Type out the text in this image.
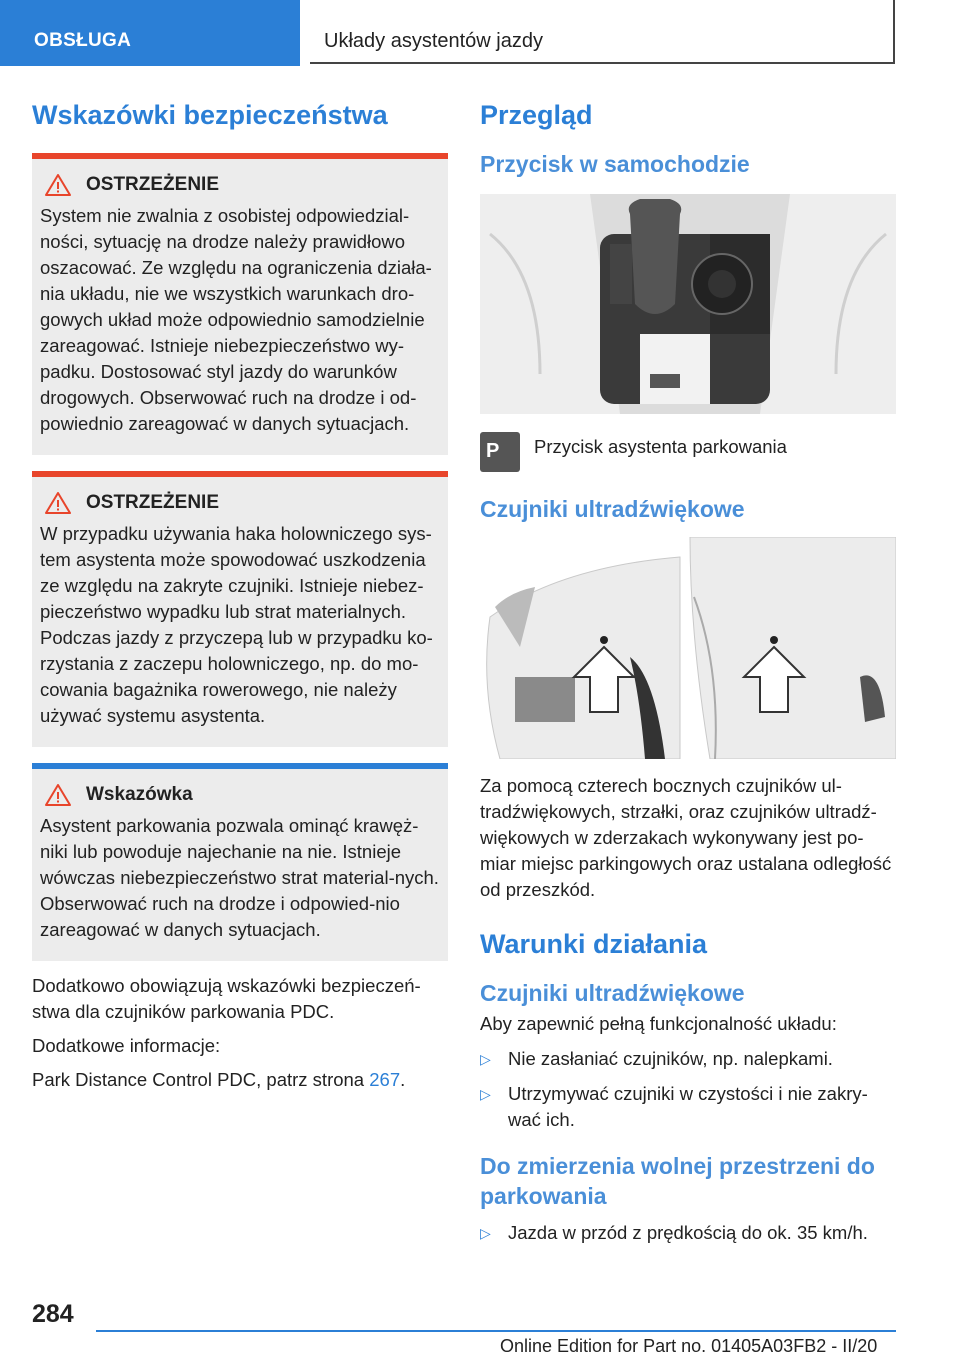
OBSŁUGA	Układy asystentów jazdy
Wskazówki bezpieczeństwa
OSTRZEŻENIE

System nie zwalnia z osobistej odpowiedzial-ności, sytuację na drodze należy prawidłowo oszacować. Ze względu na ograniczenia działa-nia układu, nie we wszystkich warunkach dro-gowych układ może odpowiednio samodzielnie zareagować. Istnieje niebezpieczeństwo wy-padku. Dostosować styl jazdy do warunków drogowych. Obserwować ruch na drodze i od-powiednio zareagować w danych sytuacjach.

OSTRZEŻENIE

W przypadku używania haka holowniczego sys-tem asystenta może spowodować uszkodzenia ze względu na zakryte czujniki. Istnieje niebez-pieczeństwo wypadku lub strat materialnych. Podczas jazdy z przyczepą lub w przypadku ko-rzystania z zaczepu holowniczego, np. do mo-cowania bagażnika rowerowego, nie należy używać systemu asystenta.

Wskazówka

Asystent parkowania pozwala ominąć krawęż-niki lub powoduje najechanie na nie. Istnieje wówczas niebezpieczeństwo strat material-nych. Obserwować ruch na drodze i odpowied-nio zareagować w danych sytuacjach.

Dodatkowo obowiązują wskazówki bezpieczeń-stwa dla czujników parkowania PDC.

Dodatkowe informacje:

Park Distance Control PDC, patrz strona 267.

Przegląd
Przycisk w samochodzie
P Przycisk asystenta parkowania

Czujniki ultradźwiękowe

Za pomocą czterech bocznych czujników ul-tradźwiękowych, strzałki, oraz czujników ultradź-więkowych w zderzakach wykonywany jest po-miar miejsc parkingowych oraz ustalana odległość od przeszkód.

Warunki działania
Czujniki ultradźwiękowe

Aby zapewnić pełną funkcjonalność układu:

▷ Nie zasłaniać czujników, np. nalepkami.
▷ Utrzymywać czujniki w czystości i nie zakry-wać ich.
Do zmierzenia wolnej przestrzeni do parkowania
▷ Jazda w przód z prędkością do ok. 35 km/h.
284
Online Edition for Part no. 01405A03FB2 - II/20
